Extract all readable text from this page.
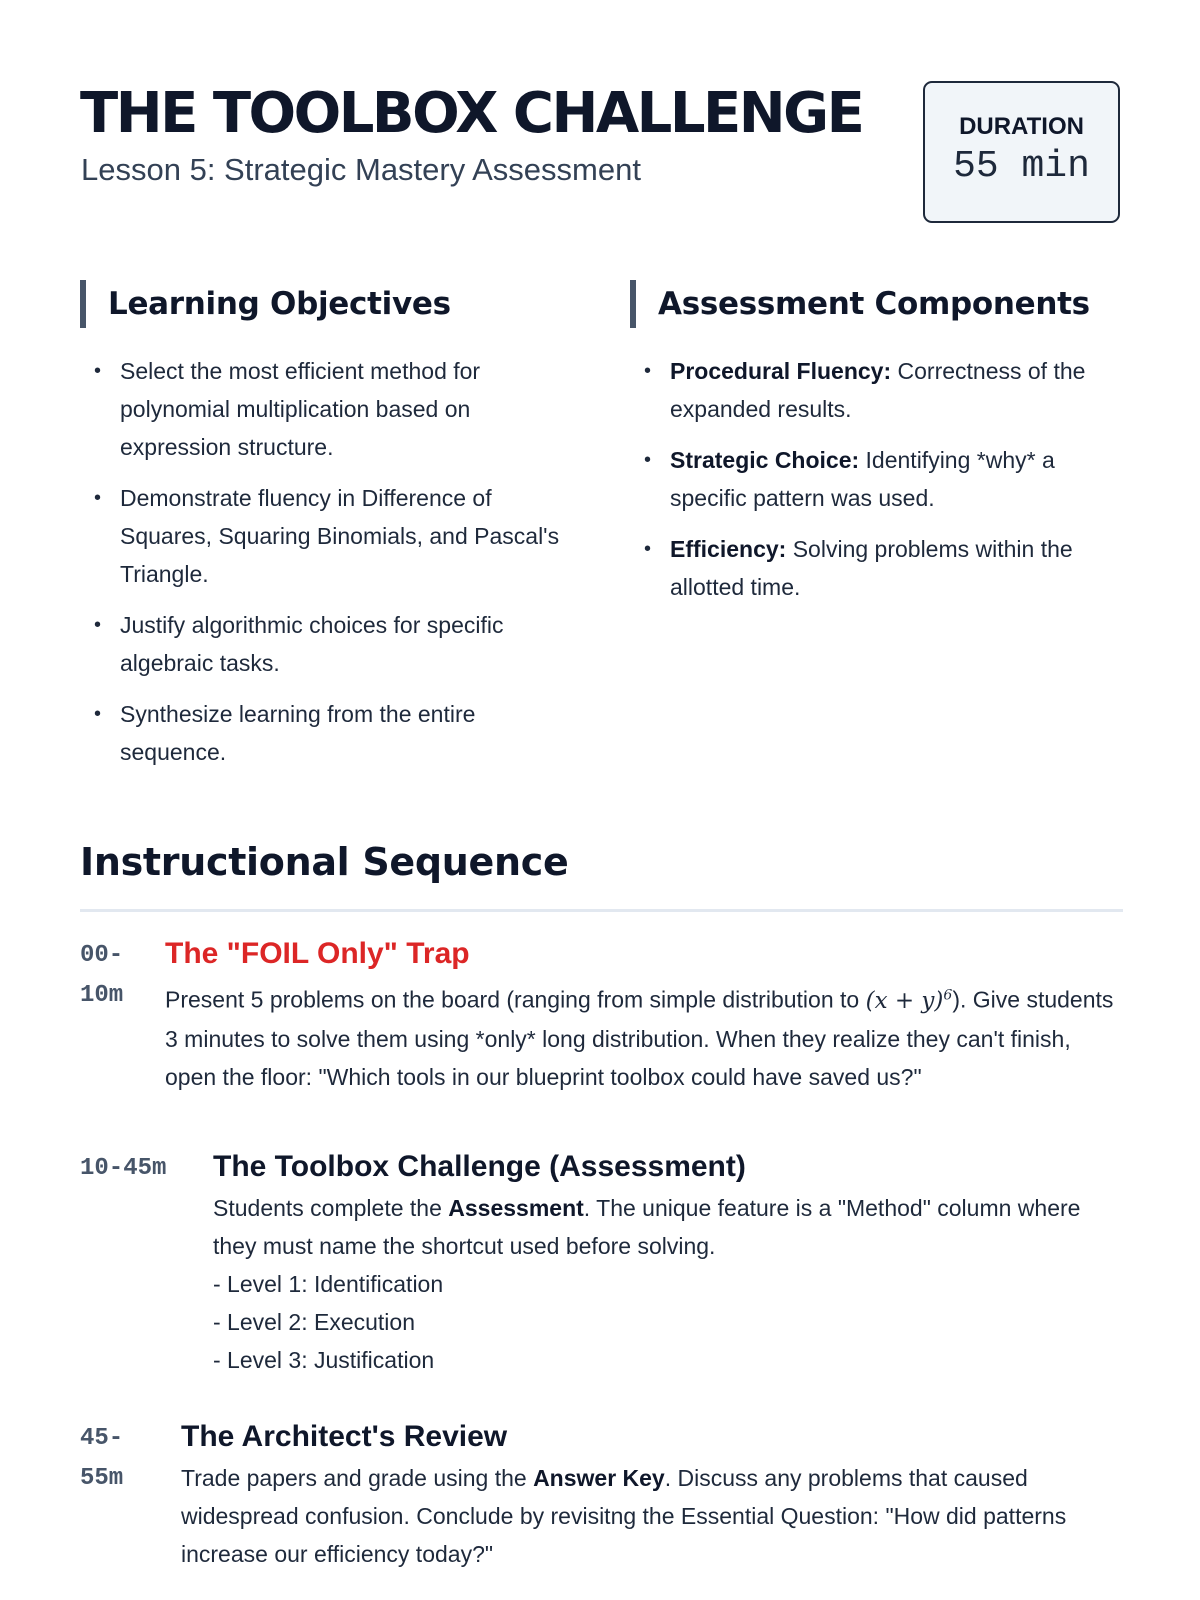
THE TOOLBOX CHALLENGE
Lesson 5: Strategic Mastery Assessment
DURATION
55 min
Learning Objectives
• Select the most efficient method for polynomial multiplication based on expression structure.
• Demonstrate fluency in Difference of Squares, Squaring Binomials, and Pascal's Triangle.
• Justify algorithmic choices for specific algebraic tasks.
• Synthesize learning from the entire sequence.
Assessment Components
• Procedural Fluency: Correctness of the expanded results.
• Strategic Choice: Identifying *why* a specific pattern was used.
• Efficiency: Solving problems within the allotted time.
Instructional Sequence
00-
10m
The "FOIL Only" Trap
Present 5 problems on the board (ranging from simple distribution to $(x + y)^6$). Give students 3 minutes to solve them using *only* long distribution. When they realize they can't finish, open the floor: "Which tools in our blueprint toolbox could have saved us?"
10-45m The Toolbox Challenge (Assessment)
Students complete the Assessment. The unique feature is a "Method" column where they must name the shortcut used before solving.
- Level 1: Identification
- Level 2: Execution
- Level 3: Justification
45-
55m
The Architect's Review
Trade papers and grade using the Answer Key. Discuss any problems that caused widespread confusion. Conclude by revisitng the Essential Question: "How did patterns increase our efficiency today?"
